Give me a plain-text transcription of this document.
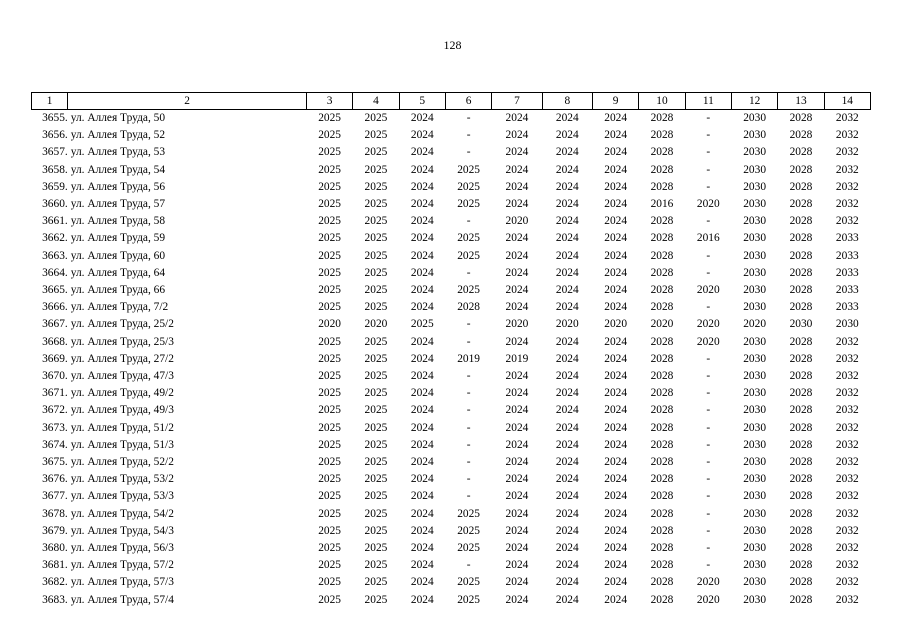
128
1	2	3	4	5	6	7	8	9	10	11	12	13	14
3655.	ул. Аллея Труда, 50	2025	2025	2024	-	2024	2024	2024	2028	-	2030	2028	2032
3656.	ул. Аллея Труда, 52	2025	2025	2024	-	2024	2024	2024	2028	-	2030	2028	2032
3657.	ул. Аллея Труда, 53	2025	2025	2024	-	2024	2024	2024	2028	-	2030	2028	2032
3658.	ул. Аллея Труда, 54	2025	2025	2024	2025	2024	2024	2024	2028	-	2030	2028	2032
3659.	ул. Аллея Труда, 56	2025	2025	2024	2025	2024	2024	2024	2028	-	2030	2028	2032
3660.	ул. Аллея Труда, 57	2025	2025	2024	2025	2024	2024	2024	2016	2020	2030	2028	2032
3661.	ул. Аллея Труда, 58	2025	2025	2024	-	2020	2024	2024	2028	-	2030	2028	2032
3662.	ул. Аллея Труда, 59	2025	2025	2024	2025	2024	2024	2024	2028	2016	2030	2028	2033
3663.	ул. Аллея Труда, 60	2025	2025	2024	2025	2024	2024	2024	2028	-	2030	2028	2033
3664.	ул. Аллея Труда, 64	2025	2025	2024	-	2024	2024	2024	2028	-	2030	2028	2033
3665.	ул. Аллея Труда, 66	2025	2025	2024	2025	2024	2024	2024	2028	2020	2030	2028	2033
3666.	ул. Аллея Труда, 7/2	2025	2025	2024	2028	2024	2024	2024	2028	-	2030	2028	2033
3667.	ул. Аллея Труда, 25/2	2020	2020	2025	-	2020	2020	2020	2020	2020	2020	2030	2030
3668.	ул. Аллея Труда, 25/3	2025	2025	2024	-	2024	2024	2024	2028	2020	2030	2028	2032
3669.	ул. Аллея Труда, 27/2	2025	2025	2024	2019	2019	2024	2024	2028	-	2030	2028	2032
3670.	ул. Аллея Труда, 47/3	2025	2025	2024	-	2024	2024	2024	2028	-	2030	2028	2032
3671.	ул. Аллея Труда, 49/2	2025	2025	2024	-	2024	2024	2024	2028	-	2030	2028	2032
3672.	ул. Аллея Труда, 49/3	2025	2025	2024	-	2024	2024	2024	2028	-	2030	2028	2032
3673.	ул. Аллея Труда, 51/2	2025	2025	2024	-	2024	2024	2024	2028	-	2030	2028	2032
3674.	ул. Аллея Труда, 51/3	2025	2025	2024	-	2024	2024	2024	2028	-	2030	2028	2032
3675.	ул. Аллея Труда, 52/2	2025	2025	2024	-	2024	2024	2024	2028	-	2030	2028	2032
3676.	ул. Аллея Труда, 53/2	2025	2025	2024	-	2024	2024	2024	2028	-	2030	2028	2032
3677.	ул. Аллея Труда, 53/3	2025	2025	2024	-	2024	2024	2024	2028	-	2030	2028	2032
3678.	ул. Аллея Труда, 54/2	2025	2025	2024	2025	2024	2024	2024	2028	-	2030	2028	2032
3679.	ул. Аллея Труда, 54/3	2025	2025	2024	2025	2024	2024	2024	2028	-	2030	2028	2032
3680.	ул. Аллея Труда, 56/3	2025	2025	2024	2025	2024	2024	2024	2028	-	2030	2028	2032
3681.	ул. Аллея Труда, 57/2	2025	2025	2024	-	2024	2024	2024	2028	-	2030	2028	2032
3682.	ул. Аллея Труда, 57/3	2025	2025	2024	2025	2024	2024	2024	2028	2020	2030	2028	2032
3683.	ул. Аллея Труда, 57/4	2025	2025	2024	2025	2024	2024	2024	2028	2020	2030	2028	2032
